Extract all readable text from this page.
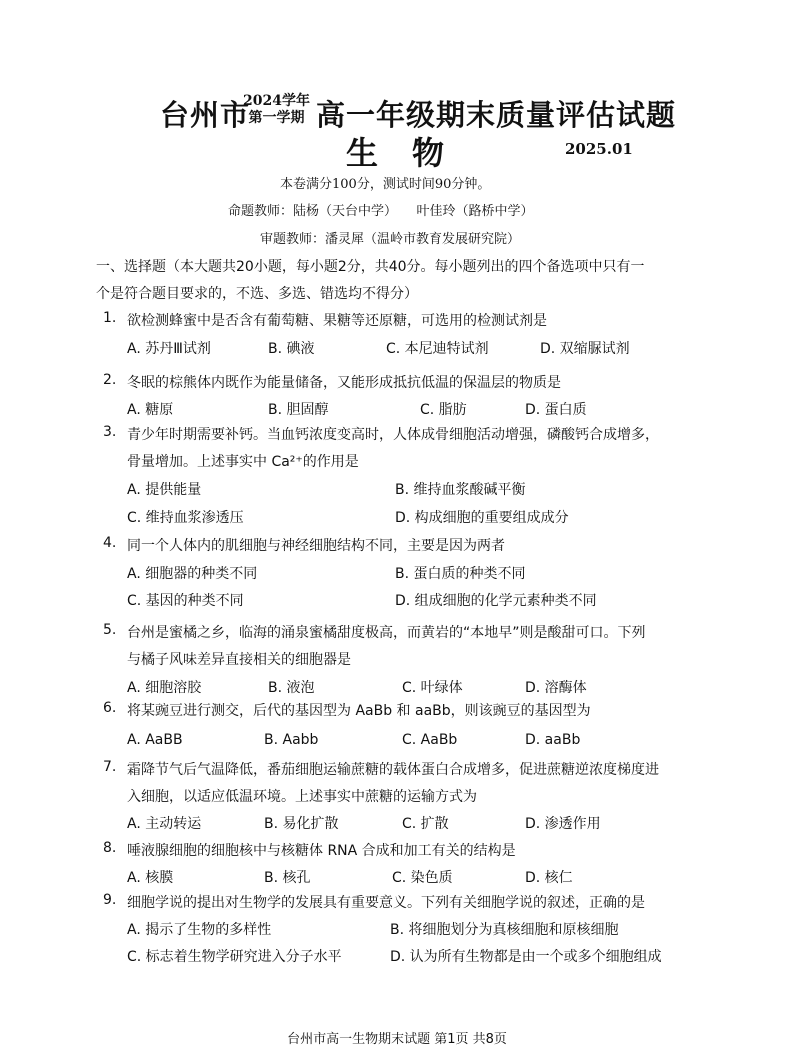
台州市
2024学年
第一学期 高一年级期末质量评估试题
生物	2025.01
本卷满分100分，测试时间90分钟。
命题教师：陆杨（天台中学）　　叶佳玲（路桥中学）
审题教师：潘灵犀（温岭市教育发展研究院）
一、选择题（本大题共20小题，每小题2分，共40分。每小题列出的四个备选项中只有一
个是符合题目要求的，不选、多选、错选均不得分）
1. 欲检测蜂蜜中是否含有葡萄糖、果糖等还原糖，可选用的检测试剂是
A. 苏丹Ⅲ试剂	B. 碘液	C. 本尼迪特试剂	D. 双缩脲试剂
2. 冬眠的棕熊体内既作为能量储备，又能形成抵抗低温的保温层的物质是
A. 糖原	B. 胆固醇	C. 脂肪	D. 蛋白质
3. 青少年时期需要补钙。当血钙浓度变高时，人体成骨细胞活动增强，磷酸钙合成增多，
骨量增加。上述事实中 Ca²⁺的作用是
A. 提供能量	B. 维持血浆酸碱平衡
C. 维持血浆渗透压	D. 构成细胞的重要组成成分
4. 同一个人体内的肌细胞与神经细胞结构不同，主要是因为两者
A. 细胞器的种类不同	B. 蛋白质的种类不同
C. 基因的种类不同	D. 组成细胞的化学元素种类不同
5. 台州是蜜橘之乡，临海的涌泉蜜橘甜度极高，而黄岩的“本地早”则是酸甜可口。下列
与橘子风味差异直接相关的细胞器是
A. 细胞溶胶	B. 液泡	C. 叶绿体	D. 溶酶体
6. 将某豌豆进行测交，后代的基因型为 AaBb 和 aaBb，则该豌豆的基因型为
A. AaBB	B. Aabb	C. AaBb	D. aaBb
7. 霜降节气后气温降低，番茄细胞运输蔗糖的载体蛋白合成增多，促进蔗糖逆浓度梯度进
入细胞，以适应低温环境。上述事实中蔗糖的运输方式为
A. 主动转运	B. 易化扩散	C. 扩散	D. 渗透作用
8. 唾液腺细胞的细胞核中与核糖体 RNA 合成和加工有关的结构是
A. 核膜	B. 核孔	C. 染色质	D. 核仁
9. 细胞学说的提出对生物学的发展具有重要意义。下列有关细胞学说的叙述，正确的是
A. 揭示了生物的多样性	B. 将细胞划分为真核细胞和原核细胞
C. 标志着生物学研究进入分子水平	D. 认为所有生物都是由一个或多个细胞组成
台州市高一生物期末试题 第1页 共8页
